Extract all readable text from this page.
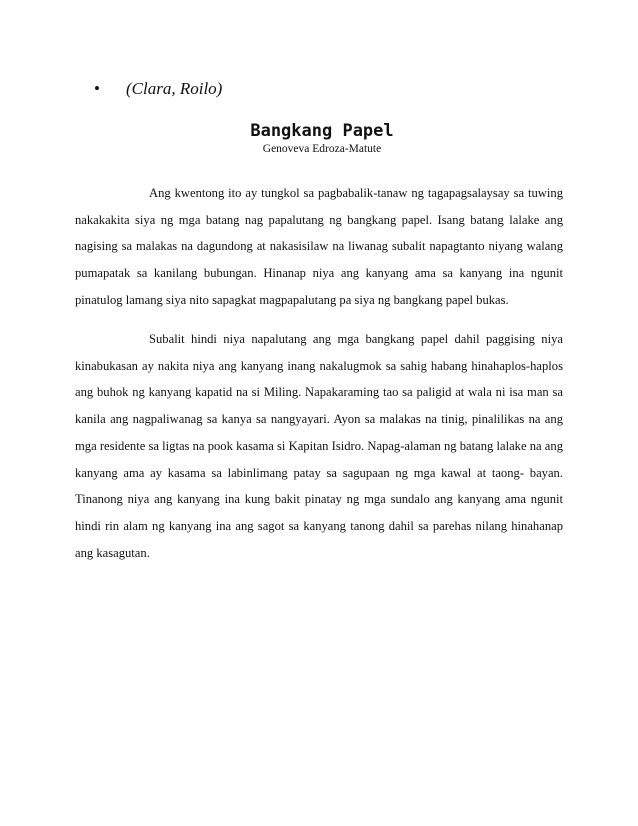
• (Clara, Roilo)
Bangkang Papel
Genoveva Edroza-Matute

Ang kwentong ito ay tungkol sa pagbabalik-tanaw ng tagapagsalaysay sa tuwing nakakakita siya ng mga batang nag papalutang ng bangkang papel. Isang batang lalake ang nagising sa malakas na dagundong at nakasisilaw na liwanag subalit napagtanto niyang walang pumapatak sa kanilang bubungan. Hinanap niya ang kanyang ama sa kanyang ina ngunit pinatulog lamang siya nito sapagkat magpapalutang pa siya ng bangkang papel bukas.

Subalit hindi niya napalutang ang mga bangkang papel dahil paggising niya kinabukasan ay nakita niya ang kanyang inang nakalugmok sa sahig habang hinahaplos-haplos ang buhok ng kanyang kapatid na si Miling. Napakaraming tao sa paligid at wala ni isa man sa kanila ang nagpaliwanag sa kanya sa nangyayari. Ayon sa malakas na tinig, pinalilikas na ang mga residente sa ligtas na pook kasama si Kapitan Isidro. Napag-alaman ng batang lalake na ang kanyang ama ay kasama sa labinlimang patay sa sagupaan ng mga kawal at taong- bayan. Tinanong niya ang kanyang ina kung bakit pinatay ng mga sundalo ang kanyang ama ngunit hindi rin alam ng kanyang ina ang sagot sa kanyang tanong dahil sa parehas nilang hinahanap ang kasagutan.
